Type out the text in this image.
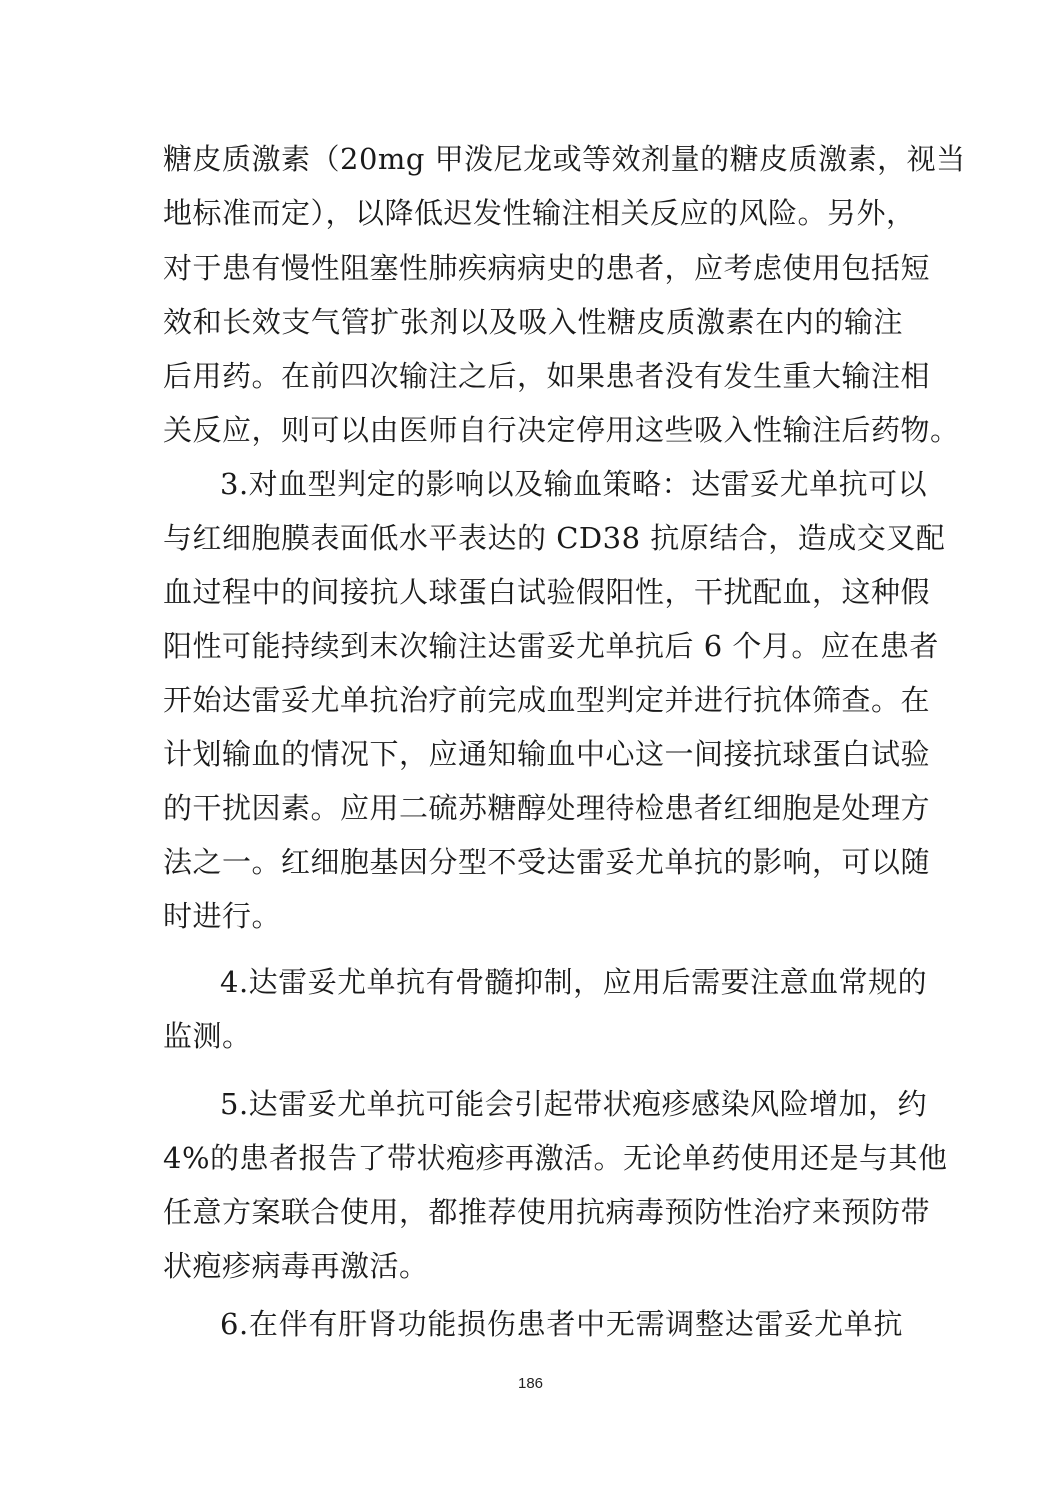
糖皮质激素（20mg 甲泼尼龙或等效剂量的糖皮质激素，视当
地标准而定），以降低迟发性输注相关反应的风险。另外，
对于患有慢性阻塞性肺疾病病史的患者，应考虑使用包括短
效和长效支气管扩张剂以及吸入性糖皮质激素在内的输注
后用药。在前四次输注之后，如果患者没有发生重大输注相
关反应，则可以由医师自行决定停用这些吸入性输注后药物。
3.对血型判定的影响以及输血策略：达雷妥尤单抗可以
与红细胞膜表面低水平表达的 CD38 抗原结合，造成交叉配
血过程中的间接抗人球蛋白试验假阳性，干扰配血，这种假
阳性可能持续到末次输注达雷妥尤单抗后 6 个月。应在患者
开始达雷妥尤单抗治疗前完成血型判定并进行抗体筛查。在
计划输血的情况下，应通知输血中心这一间接抗球蛋白试验
的干扰因素。应用二硫苏糖醇处理待检患者红细胞是处理方
法之一。红细胞基因分型不受达雷妥尤单抗的影响，可以随
时进行。
4.达雷妥尤单抗有骨髓抑制，应用后需要注意血常规的
监测。
5.达雷妥尤单抗可能会引起带状疱疹感染风险增加，约
4%的患者报告了带状疱疹再激活。无论单药使用还是与其他
任意方案联合使用，都推荐使用抗病毒预防性治疗来预防带
状疱疹病毒再激活。
6.在伴有肝肾功能损伤患者中无需调整达雷妥尤单抗
186
